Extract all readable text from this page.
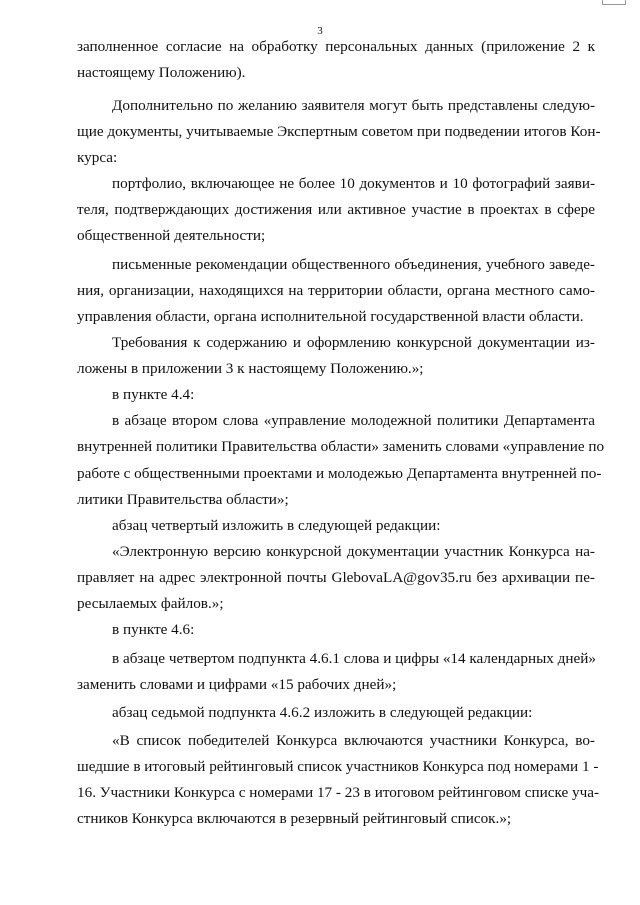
3
заполненное согласие на обработку персональных данных (приложение 2 к
настоящему Положению).
Дополнительно по желанию заявителя могут быть представлены следую-
щие документы, учитываемые Экспертным советом при подведении итогов Кон-
курса:
портфолио, включающее не более 10 документов и 10 фотографий заяви-
теля, подтверждающих достижения или активное участие в проектах в сфере
общественной деятельности;
письменные рекомендации общественного объединения, учебного заведе-
ния, организации, находящихся на территории области, органа местного само-
управления области, органа исполнительной государственной власти области.
Требования к содержанию и оформлению конкурсной документации из-
ложены в приложении 3 к настоящему Положению.»;
в пункте 4.4:
в абзаце втором слова «управление молодежной политики Департамента
внутренней политики Правительства области» заменить словами «управление по
работе с общественными проектами и молодежью Департамента внутренней по-
литики Правительства области»;
абзац четвертый изложить в следующей редакции:
«Электронную версию конкурсной документации участник Конкурса на-
правляет на адрес электронной почты GlebovaLA@gov35.ru без архивации пе-
ресылаемых файлов.»;
в пункте 4.6:
в абзаце четвертом подпункта 4.6.1 слова и цифры «14 календарных дней»
заменить словами и цифрами «15 рабочих дней»;
абзац седьмой подпункта 4.6.2 изложить в следующей редакции:
«В список победителей Конкурса включаются участники Конкурса, во-
шедшие в итоговый рейтинговый список участников Конкурса под номерами 1 -
16. Участники Конкурса с номерами 17 - 23 в итоговом рейтинговом списке уча-
стников Конкурса включаются в резервный рейтинговый список.»;
